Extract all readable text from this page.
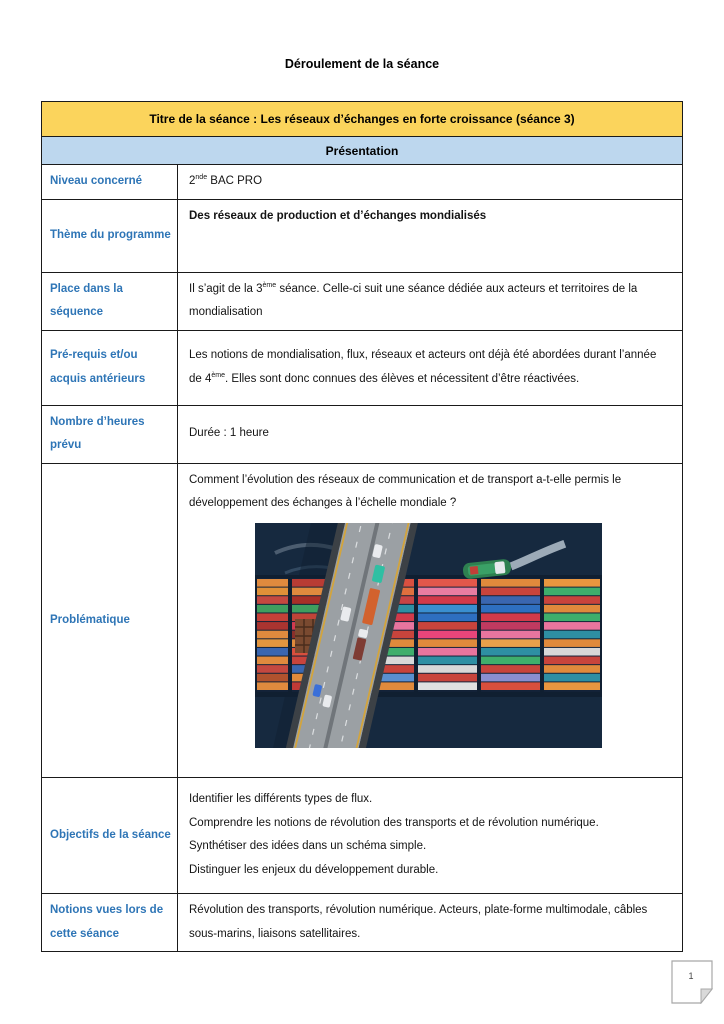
Déroulement de la séance
Titre de la séance : Les réseaux d’échanges en forte croissance (séance 3)	
Présentation	
Niveau concerné	2nde BAC PRO
Thème du programme	Des réseaux de production et d’échanges mondialisés
Place dans la séquence	Il s’agit de la 3ème séance. Celle-ci suit une séance dédiée aux acteurs et territoires de la mondialisation
Pré-requis et/ou acquis antérieurs	Les notions de mondialisation, flux, réseaux et acteurs ont déjà été abordées durant l’année de 4ème. Elles sont donc connues des élèves et nécessitent d’être réactivées.
Nombre d’heures prévu	Durée : 1 heure
Problématique	Comment l’évolution des réseaux de communication et de transport a-t-elle permis le développement des échanges à l’échelle mondiale ?

Objectifs de la séance	Identifier les différents types de flux.
Comprendre les notions de révolution des transports et de révolution numérique.
Synthétiser des idées dans un schéma simple.
Distinguer les enjeux du développement durable.

Notions vues lors de cette séance	Révolution des transports, révolution numérique. Acteurs, plate-forme multimodale, câbles sous-marins, liaisons satellitaires.
1
